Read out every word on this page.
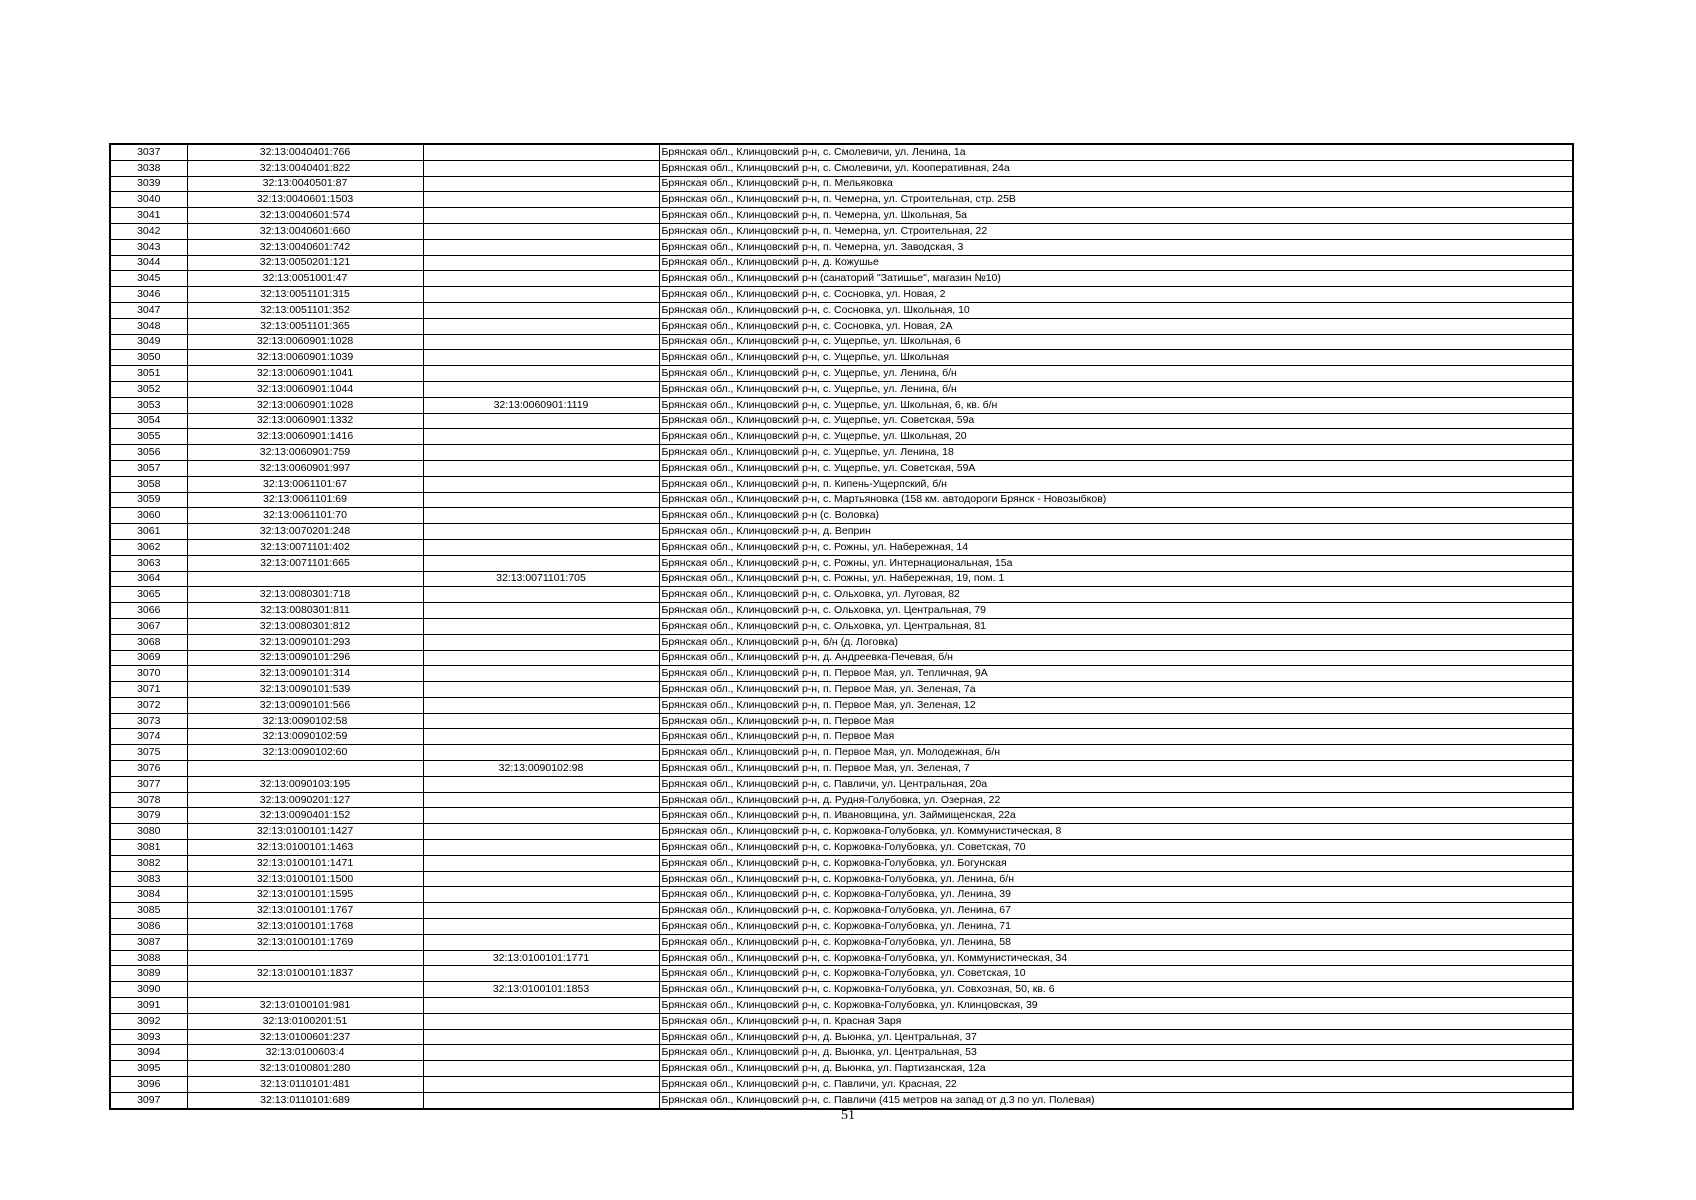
3037	32:13:0040401:766		Брянская обл., Клинцовский р-н, с. Смолевичи, ул. Ленина, 1а
3038	32:13:0040401:822		Брянская обл., Клинцовский р-н, с. Смолевичи, ул. Кооперативная, 24а
3039	32:13:0040501:87		Брянская обл., Клинцовский р-н, п. Мельяковка
3040	32:13:0040601:1503		Брянская обл., Клинцовский р-н, п. Чемерна, ул. Строительная, стр. 25В
3041	32:13:0040601:574		Брянская обл., Клинцовский р-н, п. Чемерна, ул. Школьная, 5а
3042	32:13:0040601:660		Брянская обл., Клинцовский р-н, п. Чемерна, ул. Строительная, 22
3043	32:13:0040601:742		Брянская обл., Клинцовский р-н, п. Чемерна, ул. Заводская, 3
3044	32:13:0050201:121		Брянская обл., Клинцовский р-н, д. Кожушье
3045	32:13:0051001:47		Брянская обл., Клинцовский р-н (санаторий "Затишье", магазин №10)
3046	32:13:0051101:315		Брянская обл., Клинцовский р-н, с. Сосновка, ул. Новая, 2
3047	32:13:0051101:352		Брянская обл., Клинцовский р-н, с. Сосновка, ул. Школьная, 10
3048	32:13:0051101:365		Брянская обл., Клинцовский р-н, с. Сосновка, ул. Новая, 2А
3049	32:13:0060901:1028		Брянская обл., Клинцовский р-н, с. Ущерпье, ул. Школьная, 6
3050	32:13:0060901:1039		Брянская обл., Клинцовский р-н, с. Ущерпье, ул. Школьная
3051	32:13:0060901:1041		Брянская обл., Клинцовский р-н, с. Ущерпье, ул. Ленина, б/н
3052	32:13:0060901:1044		Брянская обл., Клинцовский р-н, с. Ущерпье, ул. Ленина, б/н
3053	32:13:0060901:1028	32:13:0060901:1119	Брянская обл., Клинцовский р-н, с. Ущерпье, ул. Школьная, 6, кв. б/н
3054	32:13:0060901:1332		Брянская обл., Клинцовский р-н, с. Ущерпье, ул. Советская, 59а
3055	32:13:0060901:1416		Брянская обл., Клинцовский р-н, с. Ущерпье, ул. Школьная, 20
3056	32:13:0060901:759		Брянская обл., Клинцовский р-н, с. Ущерпье, ул. Ленина, 18
3057	32:13:0060901:997		Брянская обл., Клинцовский р-н, с. Ущерпье, ул. Советская, 59А
3058	32:13:0061101:67		Брянская обл., Клинцовский р-н, п. Кипень-Ущерпский, б/н
3059	32:13:0061101:69		Брянская обл., Клинцовский р-н, с. Мартьяновка (158 км. автодороги Брянск - Новозыбков)
3060	32:13:0061101:70		Брянская обл., Клинцовский р-н (с. Воловка)
3061	32:13:0070201:248		Брянская обл., Клинцовский р-н, д. Веприн
3062	32:13:0071101:402		Брянская обл., Клинцовский р-н, с. Рожны, ул. Набережная, 14
3063	32:13:0071101:665		Брянская обл., Клинцовский р-н, с. Рожны, ул. Интернациональная, 15а
3064		32:13:0071101:705	Брянская обл., Клинцовский р-н, с. Рожны, ул. Набережная, 19, пом. 1
3065	32:13:0080301:718		Брянская обл., Клинцовский р-н, с. Ольховка, ул. Луговая, 82
3066	32:13:0080301:811		Брянская обл., Клинцовский р-н, с. Ольховка, ул. Центральная, 79
3067	32:13:0080301:812		Брянская обл., Клинцовский р-н, с. Ольховка, ул. Центральная, 81
3068	32:13:0090101:293		Брянская обл., Клинцовский р-н, б/н (д. Логовка)
3069	32:13:0090101:296		Брянская обл., Клинцовский р-н, д. Андреевка-Печевая, б/н
3070	32:13:0090101:314		Брянская обл., Клинцовский р-н, п. Первое Мая, ул. Тепличная, 9А
3071	32:13:0090101:539		Брянская обл., Клинцовский р-н, п. Первое Мая, ул. Зеленая, 7а
3072	32:13:0090101:566		Брянская обл., Клинцовский р-н, п. Первое Мая, ул. Зеленая, 12
3073	32:13:0090102:58		Брянская обл., Клинцовский р-н, п. Первое Мая
3074	32:13:0090102:59		Брянская обл., Клинцовский р-н, п. Первое Мая
3075	32:13:0090102:60		Брянская обл., Клинцовский р-н, п. Первое Мая, ул. Молодежная, б/н
3076		32:13:0090102:98	Брянская обл., Клинцовский р-н, п. Первое Мая, ул. Зеленая, 7
3077	32:13:0090103:195		Брянская обл., Клинцовский р-н, с. Павличи, ул. Центральная, 20а
3078	32:13:0090201:127		Брянская обл., Клинцовский р-н, д. Рудня-Голубовка, ул. Озерная, 22
3079	32:13:0090401:152		Брянская обл., Клинцовский р-н, п. Ивановщина, ул. Займищенская, 22а
3080	32:13:0100101:1427		Брянская обл., Клинцовский р-н, с. Коржовка-Голубовка, ул. Коммунистическая, 8
3081	32:13:0100101:1463		Брянская обл., Клинцовский р-н, с. Коржовка-Голубовка, ул. Советская, 70
3082	32:13:0100101:1471		Брянская обл., Клинцовский р-н, с. Коржовка-Голубовка, ул. Богунская
3083	32:13:0100101:1500		Брянская обл., Клинцовский р-н, с. Коржовка-Голубовка, ул. Ленина, б/н
3084	32:13:0100101:1595		Брянская обл., Клинцовский р-н, с. Коржовка-Голубовка, ул. Ленина, 39
3085	32:13:0100101:1767		Брянская обл., Клинцовский р-н, с. Коржовка-Голубовка, ул. Ленина, 67
3086	32:13:0100101:1768		Брянская обл., Клинцовский р-н, с. Коржовка-Голубовка, ул. Ленина, 71
3087	32:13:0100101:1769		Брянская обл., Клинцовский р-н, с. Коржовка-Голубовка, ул. Ленина, 58
3088		32:13:0100101:1771	Брянская обл., Клинцовский р-н, с. Коржовка-Голубовка, ул. Коммунистическая, 34
3089	32:13:0100101:1837		Брянская обл., Клинцовский р-н, с. Коржовка-Голубовка, ул. Советская, 10
3090		32:13:0100101:1853	Брянская обл., Клинцовский р-н, с. Коржовка-Голубовка, ул. Совхозная, 50, кв. 6
3091	32:13:0100101:981		Брянская обл., Клинцовский р-н, с. Коржовка-Голубовка, ул. Клинцовская, 39
3092	32:13:0100201:51		Брянская обл., Клинцовский р-н, п. Красная Заря
3093	32:13:0100601:237		Брянская обл., Клинцовский р-н, д. Вьюнка, ул. Центральная, 37
3094	32:13:0100603:4		Брянская обл., Клинцовский р-н, д. Вьюнка, ул. Центральная, 53
3095	32:13:0100801:280		Брянская обл., Клинцовский р-н, д. Вьюнка, ул. Партизанская, 12а
3096	32:13:0110101:481		Брянская обл., Клинцовский р-н, с. Павличи, ул. Красная, 22
3097	32:13:0110101:689		Брянская обл., Клинцовский р-н, с. Павличи (415 метров на запад от д.3 по ул. Полевая)
51
